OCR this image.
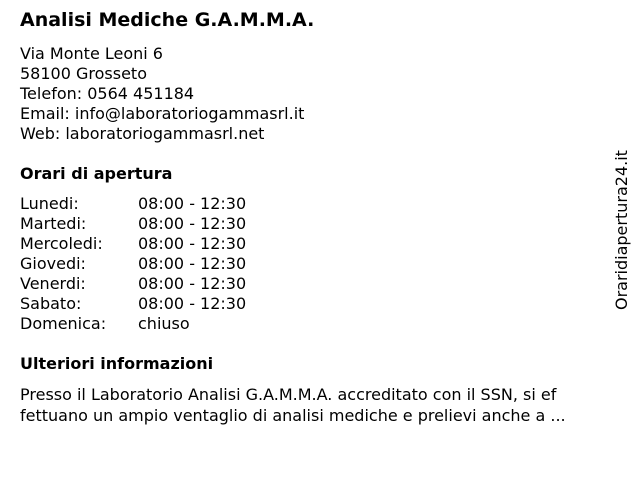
Analisi Mediche G.A.M.M.A.
Via Monte Leoni 6
58100 Grosseto
Telefon: 0564 451184
Email: info@laboratoriogammasrl.it
Web: laboratoriogammasrl.net
Orari di apertura
Lunedi:	08:00 - 12:30
Martedi:	08:00 - 12:30
Mercoledi: 08:00 - 12:30
Giovedi:	08:00 - 12:30
Venerdi:	08:00 - 12:30
Sabato:	08:00 - 12:30
Domenica: chiuso
Ulteriori informazioni
Presso il Laboratorio Analisi G.A.M.M.A. accreditato con il SSN, si ef
fettuano un ampio ventaglio di analisi mediche e prelievi anche a ...
Oraridiapertura24.it
